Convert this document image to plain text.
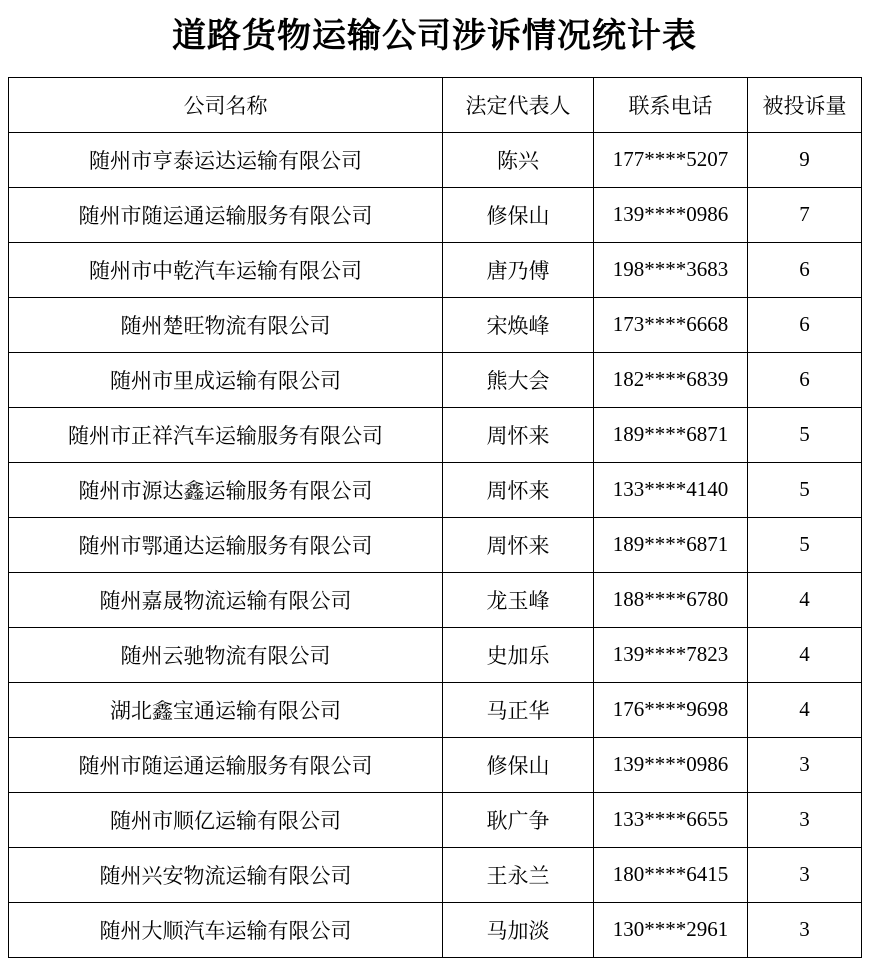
道路货物运输公司涉诉情况统计表
公司名称	法定代表人	联系电话	被投诉量
随州市亨泰运达运输有限公司	陈兴	177****5207	9
随州市随运通运输服务有限公司	修保山	139****0986	7
随州市中乾汽车运输有限公司	唐乃傅	198****3683	6
随州楚旺物流有限公司	宋焕峰	173****6668	6
随州市里成运输有限公司	熊大会	182****6839	6
随州市正祥汽车运输服务有限公司	周怀来	189****6871	5
随州市源达鑫运输服务有限公司	周怀来	133****4140	5
随州市鄂通达运输服务有限公司	周怀来	189****6871	5
随州嘉晟物流运输有限公司	龙玉峰	188****6780	4
随州云驰物流有限公司	史加乐	139****7823	4
湖北鑫宝通运输有限公司	马正华	176****9698	4
随州市随运通运输服务有限公司	修保山	139****0986	3
随州市顺亿运输有限公司	耿广争	133****6655	3
随州兴安物流运输有限公司	王永兰	180****6415	3
随州大顺汽车运输有限公司	马加淡	130****2961	3
